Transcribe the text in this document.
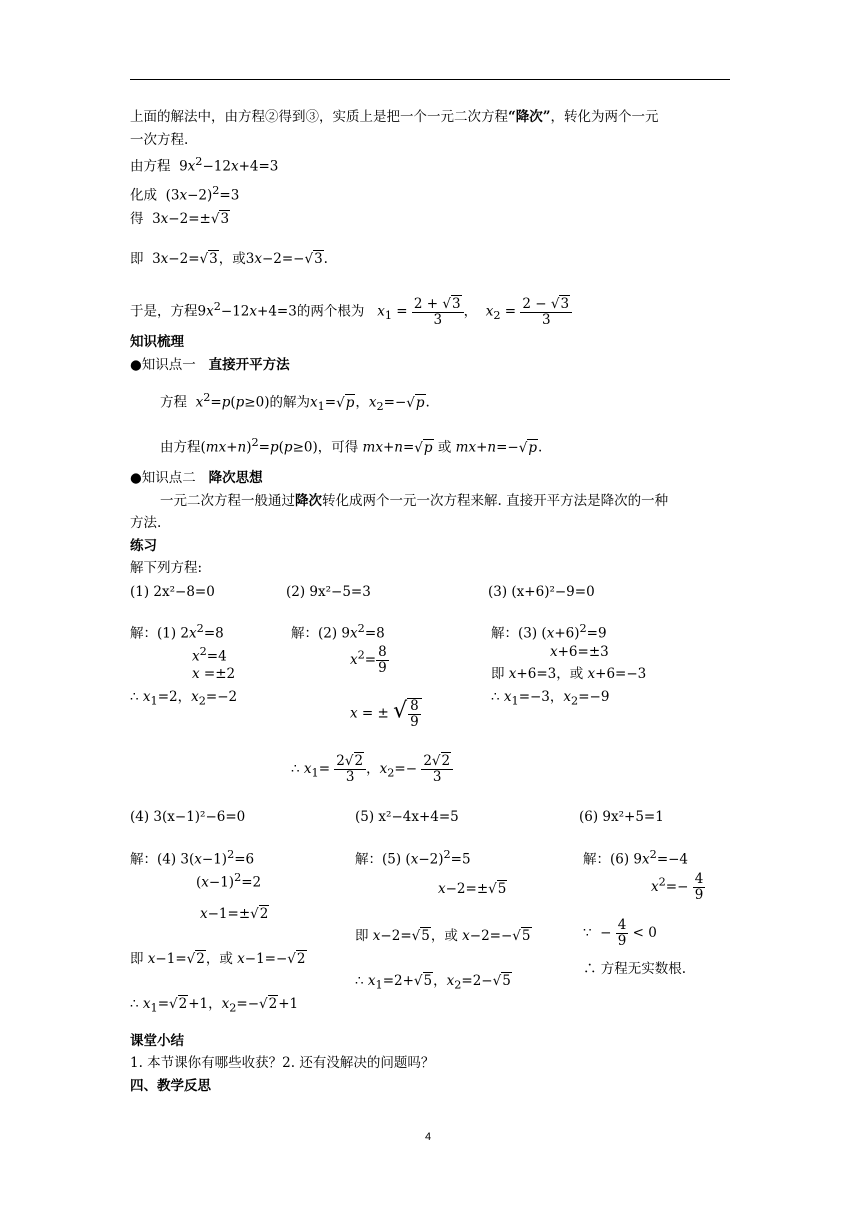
上面的解法中，由方程②得到③，实质上是把一个一元二次方程“降次”，转化为两个一元
一次方程.
由方程  $9x^2-12x+4=3$
化成  $(3x-2)^2=3$
得  3x−2=±√3
即  3x−2=√3，或3x−2=−√3.
于是，方程$9x^2-12x+4=3$的两个根为 $x_1 = \frac{2 + √3}{3}$ ，  $x_2 = \frac{2 - √3}{3}$
知识梳理
●知识点一 直接开平方法
方程 $x^2=p(p\ge 0)$的解为$x_1=√p$，$x_2=-√p$.
由方程$(mx+n)^2=p(p\ge 0)$，可得 mx+n=√p 或 mx+n=−√p.
●知识点二 降次思想
一元二次方程一般通过降次转化成两个一元一次方程来解. 直接开平方法是降次的一种
方法.
练习
解下列方程:
(1) 2x²−8=0	(2) 9x²−5=3	(3) (x+6)²−9=0
解：(1) $2x^2=8$
$x^2=4$
x =±2
∴ $x_1=2$，$x_2=-2$
解：(2) $9x^2=8$
$x^2= \frac{8}{9}$
x = ± √ $\frac{8}{9}$
∴ $x_1= \frac{2√2}{3}$ ，$x_2=- \frac{2√2}{3}$
解：(3) $(x+6)^2=9$
x+6=±3
即 x+6=3，或 x+6=−3
∴ $x_1=-3$，$x_2=-9$
(4) 3(x−1)²−6=0	(5) x²−4x+4=5	(6) 9x²+5=1
解：(4) $3(x-1)^2=6$
$(x-1)^2=2$
x−1=±√2
即 x−1=√2，或 x−1=−√2
∴ $x_1=√2+1$，$x_2=-√2+1$
解：(5) $(x-2)^2=5$
x−2=±√5
即 x−2=√5，或 x−2=−√5
∴ $x_1=2+√5$，$x_2=2-√5$
解：(6) $9x^2=-4$
$x^2=- \frac{4}{9}$
∵  − $\frac{4}{9} < 0$
∴ 方程无实数根.
课堂小结
1. 本节课你有哪些收获？2. 还有没解决的问题吗？
四、教学反思
4
